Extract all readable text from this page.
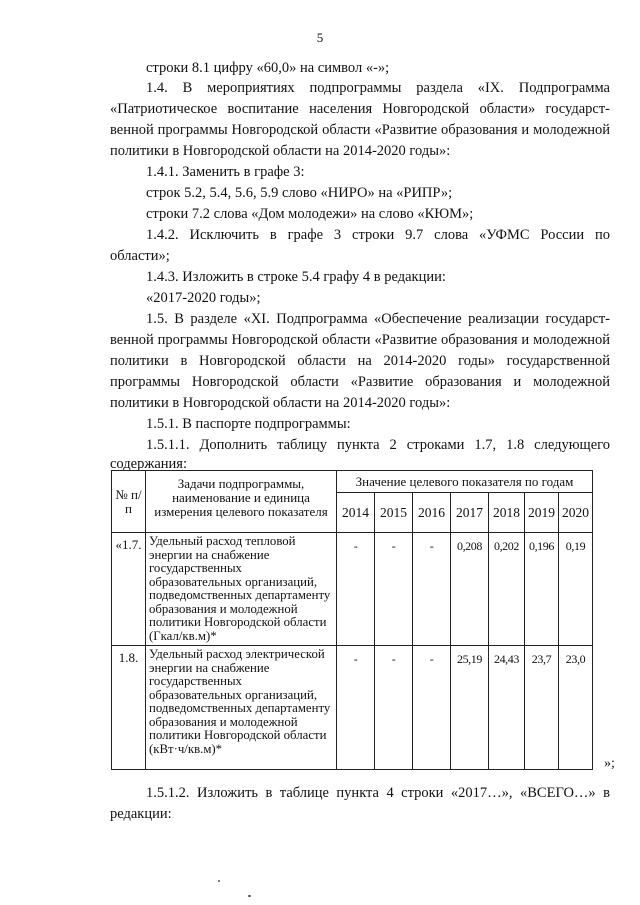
5
строки 8.1 цифру «60,0» на символ «-»;
1.4. В мероприятиях подпрограммы раздела «IX. Подпрограмма
«Патриотическое воспитание населения Новгородской области» государст-
венной программы Новгородской области «Развитие образования и молодежной
политики в Новгородской области на 2014-2020 годы»:
1.4.1. Заменить в графе 3:
строк 5.2, 5.4, 5.6, 5.9 слово «НИРО» на «РИПР»;
строки 7.2 слова «Дом молодежи» на слово «КЮМ»;
1.4.2. Исключить в графе 3 строки 9.7 слова «УФМС России по
области»;
1.4.3. Изложить в строке 5.4 графу 4 в редакции:
«2017-2020 годы»;
1.5. В разделе «XI. Подпрограмма «Обеспечение реализации государст-
венной программы Новгородской области «Развитие образования и молодежной
политики в Новгородской области на 2014-2020 годы» государственной
программы Новгородской области «Развитие образования и молодежной
политики в Новгородской области на 2014-2020 годы»:
1.5.1. В паспорте подпрограммы:
1.5.1.1. Дополнить таблицу пункта 2 строками 1.7, 1.8 следующего
содержания:
№ п/п	Задачи подпрограммы, наименование и единица измерения целевого показателя	Значение целевого показателя по годам						
		2014	2015	2016	2017	2018	2019	2020
«1.7.	Удельный расход тепловой энергии на снабжение государственных образовательных организаций, подведомственных департаменту образования и молодежной политики Новгородской области (Гкал/кв.м)*	-	-	-	0,208	0,202	0,196	0,19
1.8.	Удельный расход электрической энергии на снабжение государственных образовательных организаций, подведомственных департаменту образования и молодежной политики Новгородской области (кВт·ч/кв.м)*	-	-	-	25,19	24,43	23,7	23,0
»;
1.5.1.2. Изложить в таблице пункта 4 строки «2017…», «ВСЕГО…» в
редакции:
